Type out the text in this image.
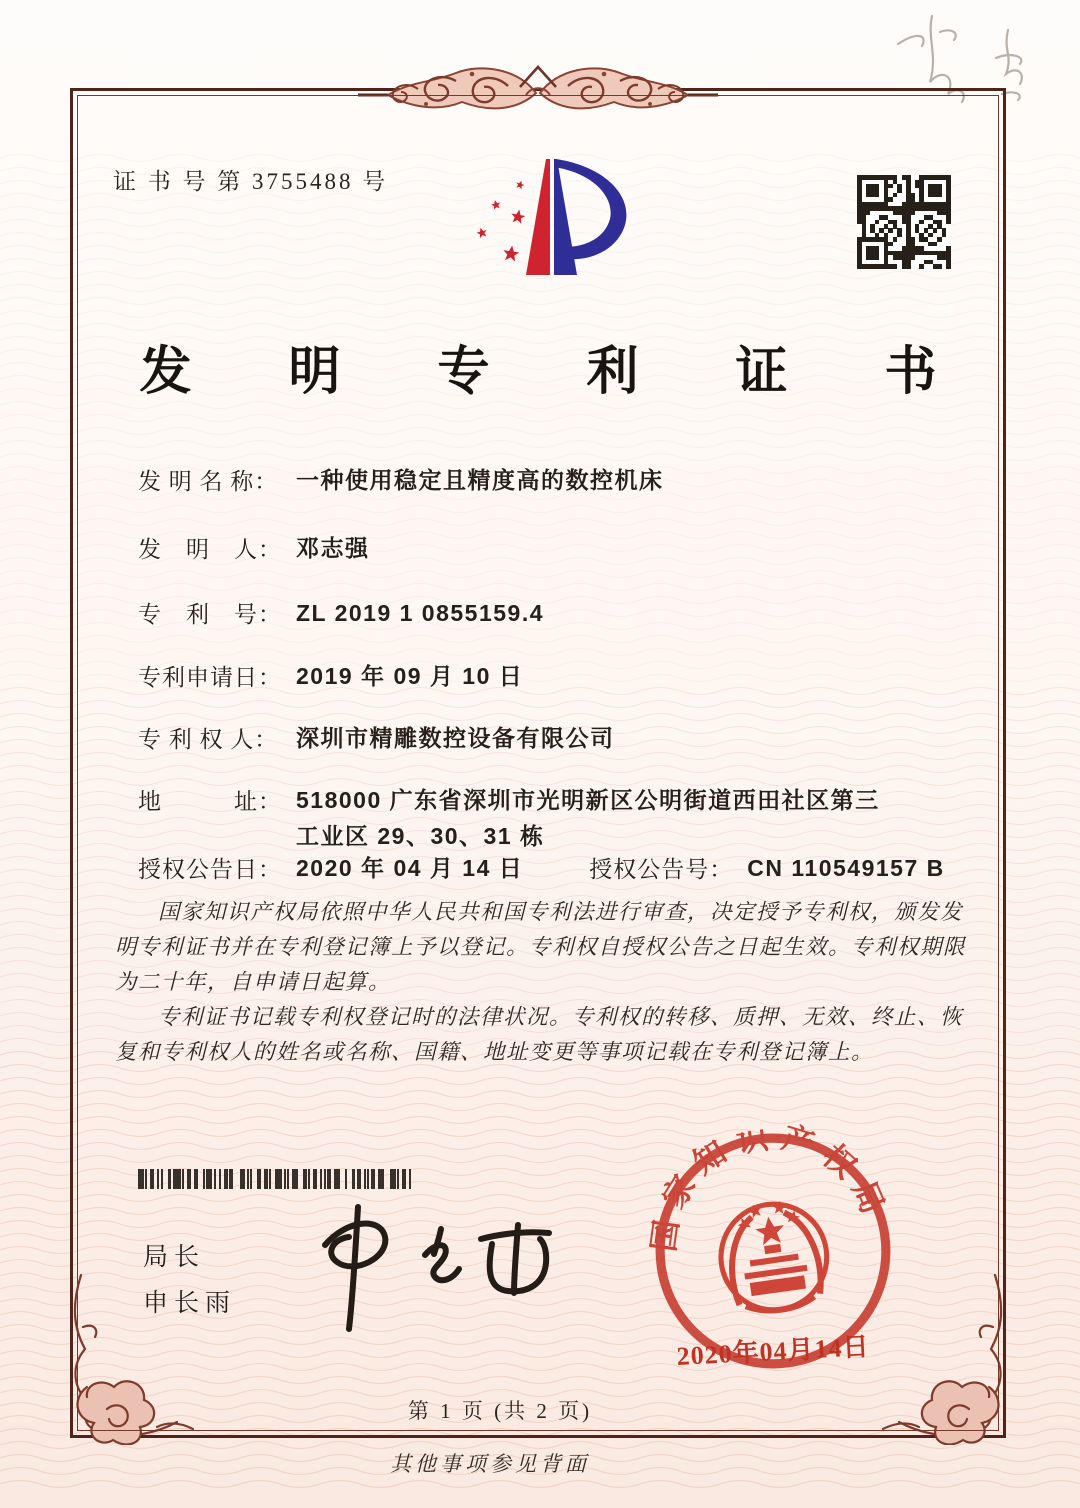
证 书 号 第 3755488 号
发 明 专 利 证 书
发 明 名 称： 一种使用稳定且精度高的数控机床
发　明　人： 邓志强
专　利　号： ZL 2019 1 0855159.4
专利申请日： 2019 年 09 月 10 日
专 利 权 人： 深圳市精雕数控设备有限公司
地　　　址： 518000 广东省深圳市光明新区公明街道西田社区第三工业区 29、30、31 栋
授权公告日： 2020 年 04 月 14 日	授权公告号： CN 110549157 B

国家知识产权局依照中华人民共和国专利法进行审查，决定授予专利权，颁发发明专利证书并在专利登记簿上予以登记。专利权自授权公告之日起生效。专利权期限为二十年，自申请日起算。

专利证书记载专利权登记时的法律状况。专利权的转移、质押、无效、终止、恢复和专利权人的姓名或名称、国籍、地址变更等事项记载在专利登记簿上。

局长
申长雨
国家知识产权局
2020年04月14日
第 1 页 (共 2 页)
其他事项参见背面
